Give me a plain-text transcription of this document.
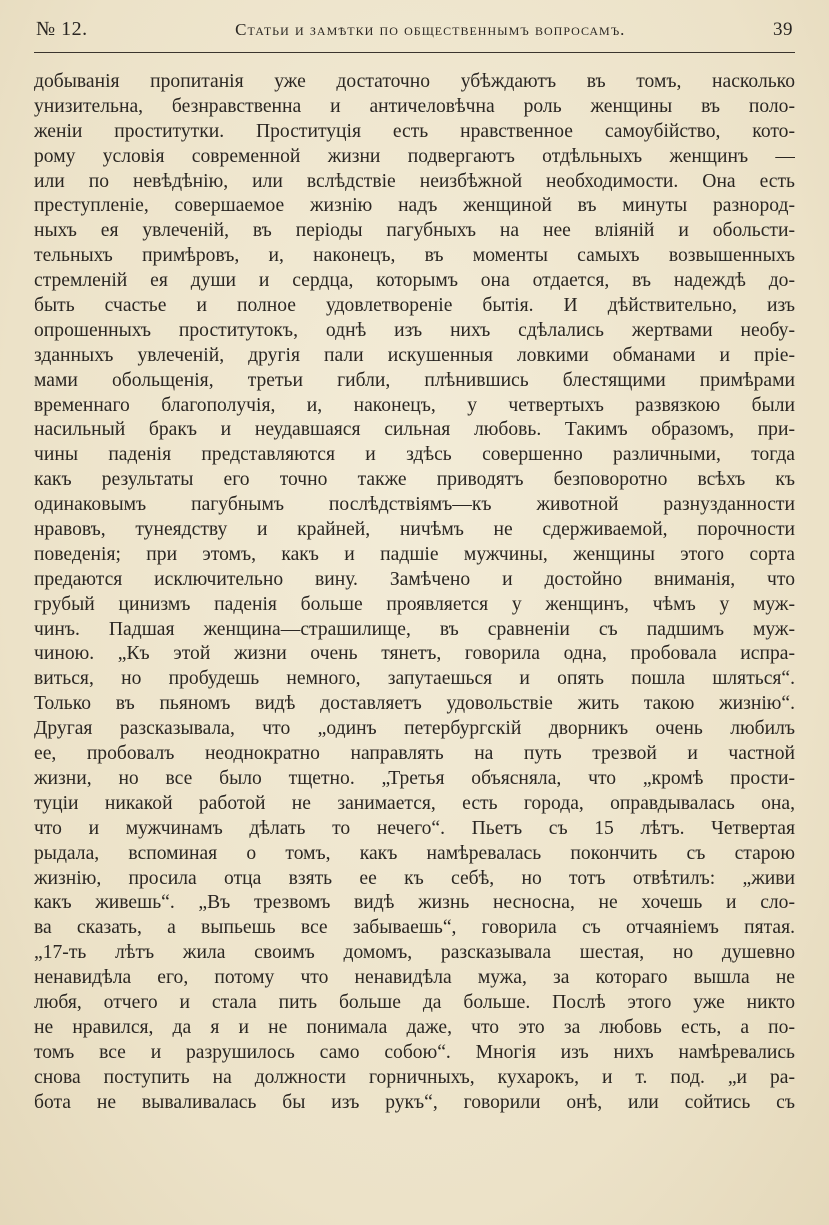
№ 12.	Статьи и замѣтки по общественнымъ вопросамъ.	39
добыванія пропитанія уже достаточно убѣждаютъ въ томъ, насколько
унизительна, безнравственна и античеловѣчна роль женщины въ поло-
женіи проститутки. Проституція есть нравственное самоубійство, кото-
рому условія современной жизни подвергаютъ отдѣльныхъ женщинъ —
или по невѣдѣнію, или вслѣдствіе неизбѣжной необходимости. Она есть
преступленіе, совершаемое жизнію надъ женщиной въ минуты разнород-
ныхъ ея увлеченій, въ періоды пагубныхъ на нее вліяній и обольсти-
тельныхъ примѣровъ, и, наконецъ, въ моменты самыхъ возвышенныхъ
стремленій ея души и сердца, которымъ она отдается, въ надеждѣ до-
быть счастье и полное удовлетвореніе бытія. И дѣйствительно, изъ
опрошенныхъ проститутокъ, однѣ изъ нихъ сдѣлались жертвами необу-
зданныхъ увлеченій, другія пали искушенныя ловкими обманами и пріе-
мами обольщенія, третьи гибли, плѣнившись блестящими примѣрами
временнаго благополучія, и, наконецъ, у четвертыхъ развязкою были
насильный бракъ и неудавшаяся сильная любовь. Такимъ образомъ, при-
чины паденія представляются и здѣсь совершенно различными, тогда
какъ результаты его точно также приводятъ безповоротно всѣхъ къ
одинаковымъ пагубнымъ послѣдствіямъ—къ животной разнузданности
нравовъ, тунеядству и крайней, ничѣмъ не сдерживаемой, порочности
поведенія; при этомъ, какъ и падшіе мужчины, женщины этого сорта
предаются исключительно вину. Замѣчено и достойно вниманія, что
грубый цинизмъ паденія больше проявляется у женщинъ, чѣмъ у муж-
чинъ. Падшая женщина—страшилище, въ сравненіи съ падшимъ муж-
чиною. „Къ этой жизни очень тянетъ, говорила одна, пробовала испра-
виться, но пробудешь немного, запутаешься и опять пошла шляться“.
Только въ пьяномъ видѣ доставляетъ удовольствіе жить такою жизнію“.
Другая разсказывала, что „одинъ петербургскій дворникъ очень любилъ
ее, пробовалъ неоднократно направлять на путь трезвой и частной
жизни, но все было тщетно. „Третья объясняла, что „кромѣ прости-
туціи никакой работой не занимается, есть города, оправдывалась она,
что и мужчинамъ дѣлать то нечего“. Пьетъ съ 15 лѣтъ. Четвертая
рыдала, вспоминая о томъ, какъ намѣревалась покончить съ старою
жизнію, просила отца взять ее къ себѣ, но тотъ отвѣтилъ: „живи
какъ живешь“. „Въ трезвомъ видѣ жизнь несносна, не хочешь и сло-
ва сказать, а выпьешь все забываешь“, говорила съ отчаяніемъ пятая.
„17-ть лѣтъ жила своимъ домомъ, разсказывала шестая, но душевно
ненавидѣла его, потому что ненавидѣла мужа, за котораго вышла не
любя, отчего и стала пить больше да больше. Послѣ этого уже никто
не нравился, да я и не понимала даже, что это за любовь есть, а по-
томъ все и разрушилось само собою“. Многія изъ нихъ намѣревались
снова поступить на должности горничныхъ, кухарокъ, и т. под. „и ра-
бота не вываливалась бы изъ рукъ“, говорили онѣ, или сойтись съ
